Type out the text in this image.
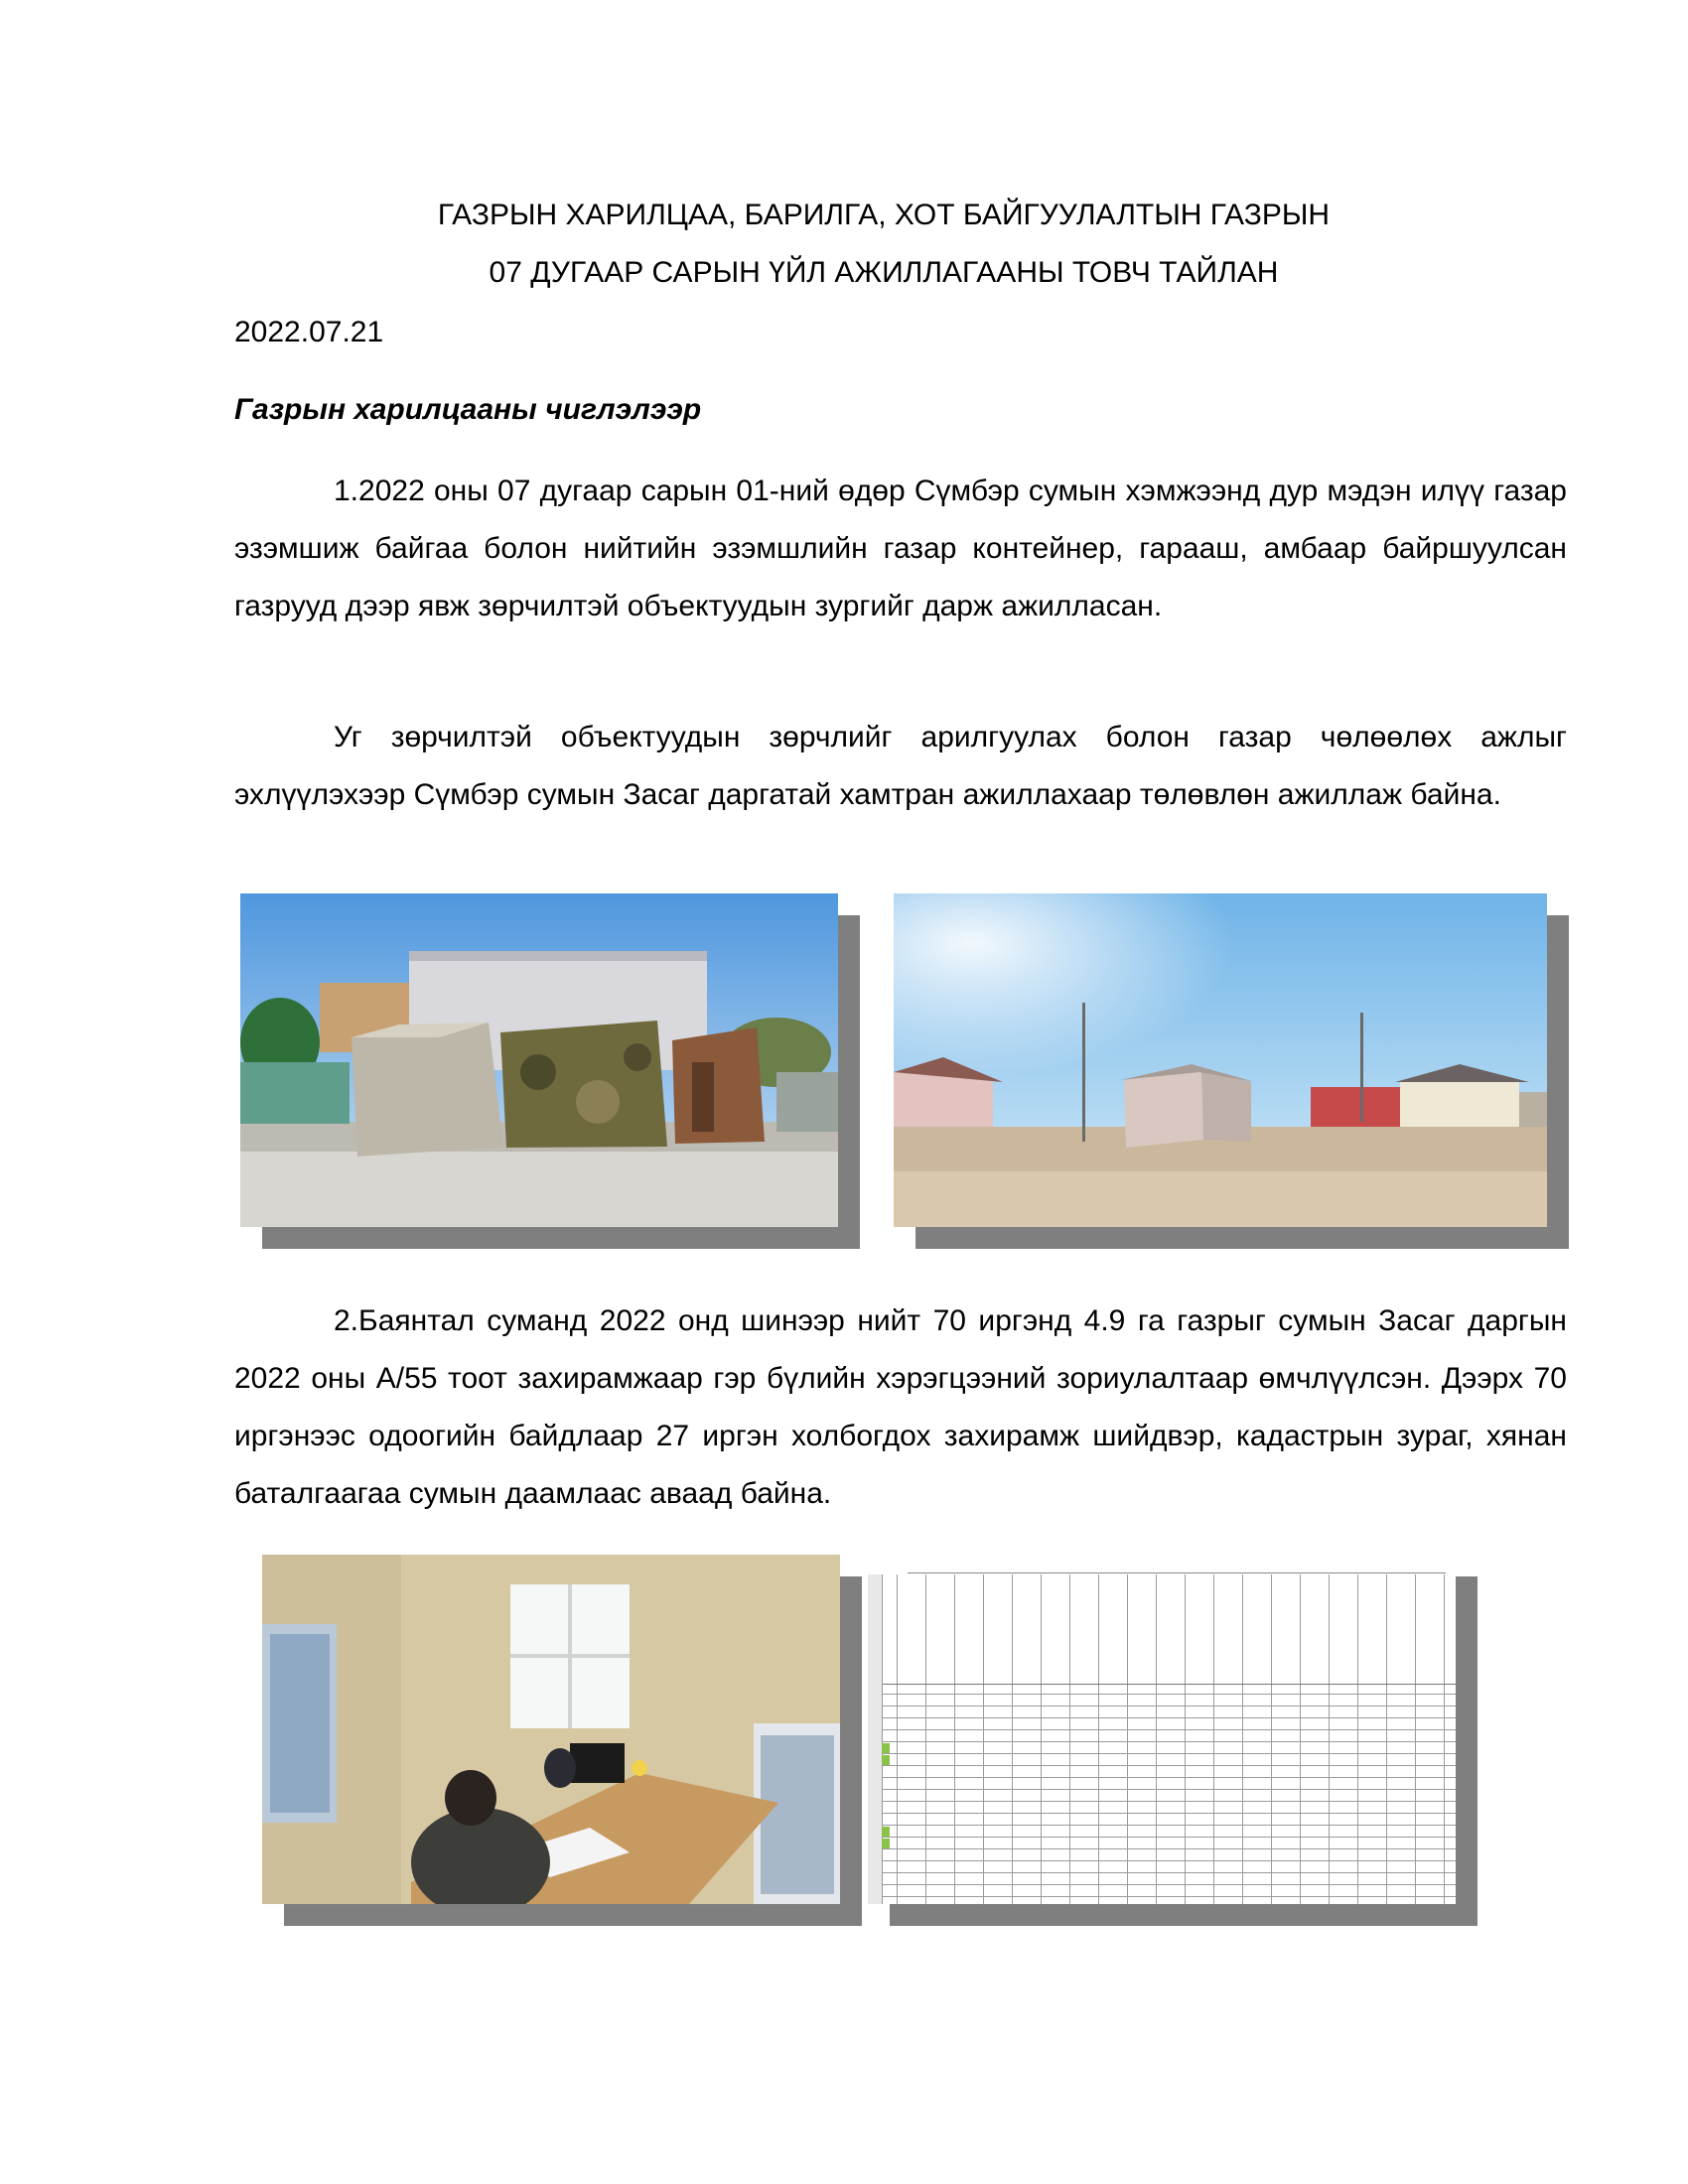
ГАЗРЫН ХАРИЛЦАА, БАРИЛГА, ХОТ БАЙГУУЛАЛТЫН ГАЗРЫН
07 ДУГААР САРЫН ҮЙЛ АЖИЛЛАГААНЫ ТОВЧ ТАЙЛАН
2022.07.21
Газрын харилцааны чиглэлээр

1.2022 оны 07 дугаар сарын 01-ний өдөр Сүмбэр сумын хэмжээнд дур мэдэн илүү газар эзэмшиж байгаа болон нийтийн эзэмшлийн газар контейнер, гарааш, амбаар байршуулсан газрууд дээр явж зөрчилтэй объектуудын зургийг дарж ажилласан.

Уг зөрчилтэй объектуудын зөрчлийг арилгуулах болон газар чөлөөлөх ажлыг эхлүүлэхээр Сүмбэр сумын Засаг даргатай хамтран ажиллахаар төлөвлөн ажиллаж байна.

2.Баянтал суманд 2022 онд шинээр нийт 70 иргэнд 4.9 га газрыг сумын Засаг даргын 2022 оны А/55 тоот захирамжаар гэр бүлийн хэрэгцээний зориулалтаар өмчлүүлсэн. Дээрх 70 иргэнээс одоогийн байдлаар 27 иргэн холбогдох захирамж шийдвэр, кадастрын зураг, хянан баталгаагаа сумын даамлаас аваад байна.
